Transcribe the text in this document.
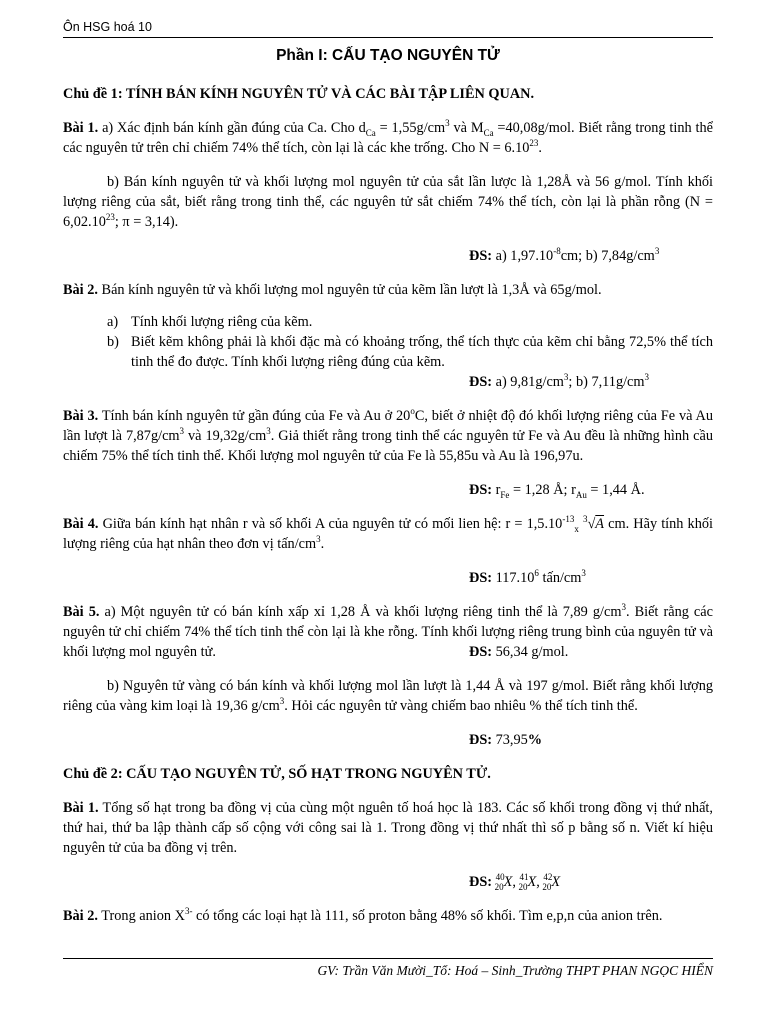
Ôn HSG hoá 10
Phần I: CẤU TẠO NGUYÊN TỬ
Chủ đề 1: TÍNH BÁN KÍNH NGUYÊN TỬ VÀ CÁC BÀI TẬP LIÊN QUAN.

Bài 1. a) Xác định bán kính gần đúng của Ca. Cho $d_{Ca} = 1,55g/cm^3$ và $M_{Ca} =40,08g/mol$. Biết rằng trong tinh thể các nguyên tử trên chỉ chiếm 74% thể tích, còn lại là các khe trống. Cho $N = 6.10^{23}$.

b) Bán kính nguyên tử và khối lượng mol nguyên tử của sắt lần lược là 1,28Å và 56 g/mol. Tính khối lượng riêng của sắt, biết rằng trong tinh thể, các nguyên tử sắt chiếm 74% thể tích, còn lại là phần rỗng ($N = 6,02.10^{23}$; π = 3,14).

ĐS: a) $1,97.10^{-8}cm$; b) $7,84g/cm^3$

Bài 2. Bán kính nguyên tử và khối lượng mol nguyên tử của kẽm lần lượt là 1,3Å và 65g/mol.

a) Tính khối lượng riêng của kẽm.
b) Biết kẽm không phải là khối đặc mà có khoảng trống, thể tích thực của kẽm chỉ bằng 72,5% thể tích tinh thể đo được. Tính khối lượng riêng đúng của kẽm.
ĐS: a) $9,81g/cm^3$; b) $7,11g/cm^3$

Bài 3. Tính bán kính nguyên tử gần đúng của Fe và Au ở 20$^o$C, biết ở nhiệt độ đó khối lượng riêng của Fe và Au lần lượt là $7,87g/cm^3$ và $19,32g/cm^3$. Giả thiết rằng trong tinh thể các nguyên tử Fe và Au đều là những hình cầu chiếm 75% thể tích tinh thể. Khối lượng mol nguyên tử của Fe là 55,85u và Au là 196,97u.

ĐS: $r_{Fe} = 1,28$ Å; $r_{Au} = 1,44$ Å.

Bài 4. Giữa bán kính hạt nhân r và số khối A của nguyên tử có mối lien hệ: $r = 1,5.10^{-13}_x$ $^3$√A cm. Hãy tính khối lượng riêng của hạt nhân theo đơn vị tấn/$cm^3$.

ĐS: 117.10$^6$ tấn/$cm^3$

Bài 5. a) Một nguyên tử có bán kính xấp xỉ 1,28 Å và khối lượng riêng tinh thể là 7,89 $g/cm^3$. Biết rằng các nguyên tử chỉ chiếm 74% thể tích tinh thể còn lại là khe rỗng. Tính khối lượng riêng trung bình của nguyên tử và khối lượng mol nguyên tử.	ĐS: 56,34 g/mol.

b) Nguyên tử vàng có bán kính và khối lượng mol lần lượt là 1,44 Å và 197 g/mol. Biết rằng khối lượng riêng của vàng kim loại là 19,36 $g/cm^3$. Hỏi các nguyên tử vàng chiếm bao nhiêu % thể tích tinh thể.

ĐS: 73,95%
Chủ đề 2: CẤU TẠO NGUYÊN TỬ, SỐ HẠT TRONG NGUYÊN TỬ.

Bài 1. Tổng số hạt trong ba đồng vị của cùng một nguên tố hoá học là 183. Các số khối trong đồng vị thứ nhất, thứ hai, thứ ba lập thành cấp số cộng với công sai là 1. Trong đồng vị thứ nhất thì số p bằng số n. Viết kí hiệu nguyên tử của ba đồng vị trên.

ĐS: $^{40}_{20}$X, $^{41}_{20}$X, $^{42}_{20}$X

Bài 2. Trong anion $X^{3-}$ có tổng các loại hạt là 111, số proton bằng 48% số khối. Tìm e,p,n của anion trên.

GV: Trần Văn Mười_Tổ: Hoá – Sinh_Trường THPT PHAN NGỌC HIỂN
